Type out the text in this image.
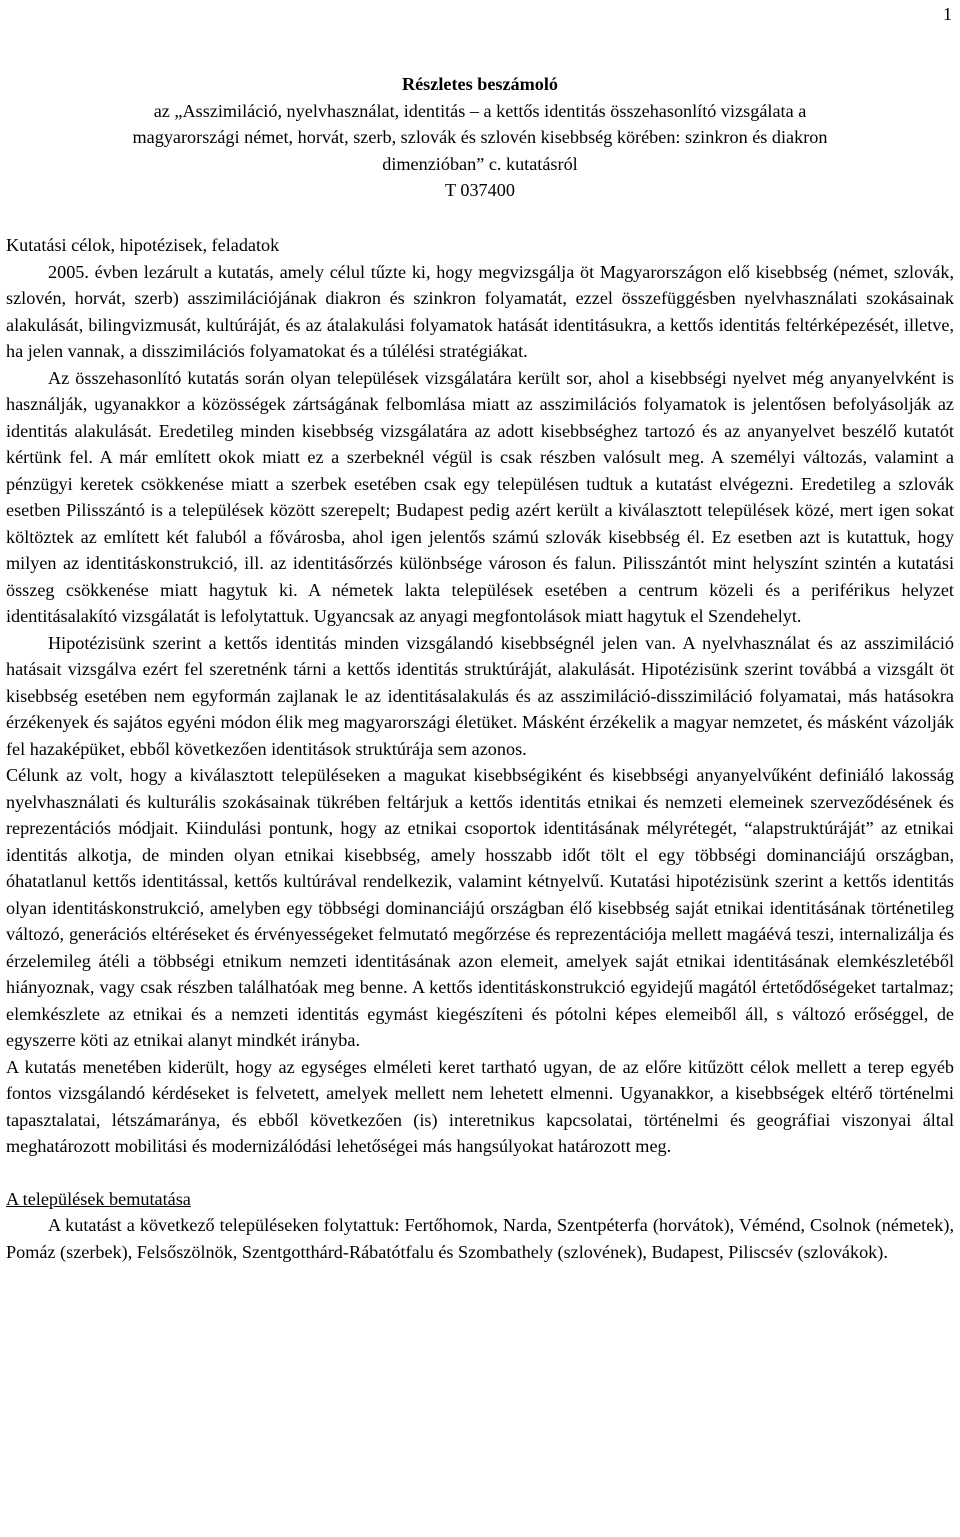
1
Részletes beszámoló
az „Asszimiláció, nyelvhasználat, identitás – a kettős identitás összehasonlító vizsgálata a
magyarországi német, horvát, szerb, szlovák és szlovén kisebbség körében: szinkron és diakron
dimenzióban” c. kutatásról
T 037400
Kutatási célok, hipotézisek, feladatok

2005. évben lezárult a kutatás, amely célul tűzte ki, hogy megvizsgálja öt Magyarországon elő kisebbség (német, szlovák, szlovén, horvát, szerb) asszimilációjának diakron és szinkron folyamatát, ezzel összefüggésben nyelvhasználati szokásainak alakulását, bilingvizmusát, kultúráját, és az átalakulási folyamatok hatását identitásukra, a kettős identitás feltérképezését, illetve, ha jelen vannak, a disszimilációs folyamatokat és a túlélési stratégiákat.

Az összehasonlító kutatás során olyan települések vizsgálatára került sor, ahol a kisebbségi nyelvet még anyanyelvként is használják, ugyanakkor a közösségek zártságának felbomlása miatt az asszimilációs folyamatok is jelentősen befolyásolják az identitás alakulását. Eredetileg minden kisebbség vizsgálatára az adott kisebbséghez tartozó és az anyanyelvet beszélő kutatót kértünk fel. A már említett okok miatt ez a szerbeknél végül is csak részben valósult meg. A személyi változás, valamint a pénzügyi keretek csökkenése miatt a szerbek esetében csak egy településen tudtuk a kutatást elvégezni. Eredetileg a szlovák esetben Pilisszántó is a települések között szerepelt; Budapest pedig azért került a kiválasztott települések közé, mert igen sokat költöztek az említett két faluból a fővárosba, ahol igen jelentős számú szlovák kisebbség él. Ez esetben azt is kutattuk, hogy milyen az identitáskonstrukció, ill. az identitásőrzés különbsége városon és falun. Pilisszántót mint helyszínt szintén a kutatási összeg csökkenése miatt hagytuk ki. A németek lakta települések esetében a centrum közeli és a periférikus helyzet identitásalakító vizsgálatát is lefolytattuk. Ugyancsak az anyagi megfontolások miatt hagytuk el Szendehelyt.

Hipotézisünk szerint a kettős identitás minden vizsgálandó kisebbségnél jelen van. A nyelvhasználat és az asszimiláció hatásait vizsgálva ezért fel szeretnénk tárni a kettős identitás struktúráját, alakulását. Hipotézisünk szerint továbbá a vizsgált öt kisebbség esetében nem egyformán zajlanak le az identitásalakulás és az asszimiláció-disszimiláció folyamatai, más hatásokra érzékenyek és sajátos egyéni módon élik meg magyarországi életüket. Másként érzékelik a magyar nemzetet, és másként vázolják fel hazaképüket, ebből következően identitások struktúrája sem azonos.

Célunk az volt, hogy a kiválasztott településeken a magukat kisebbségiként és kisebbségi anyanyelvűként definiáló lakosság nyelvhasználati és kulturális szokásainak tükrében feltárjuk a kettős identitás etnikai és nemzeti elemeinek szerveződésének és reprezentációs módjait. Kiindulási pontunk, hogy az etnikai csoportok identitásának mélyrétegét, “alapstruktúráját” az etnikai identitás alkotja, de minden olyan etnikai kisebbség, amely hosszabb időt tölt el egy többségi dominanciájú országban, óhatatlanul kettős identitással, kettős kultúrával rendelkezik, valamint kétnyelvű. Kutatási hipotézisünk szerint a kettős identitás olyan identitáskonstrukció, amelyben egy többségi dominanciájú országban élő kisebbség saját etnikai identitásának történetileg változó, generációs eltéréseket és érvényességeket felmutató megőrzése és reprezentációja mellett magáévá teszi, internalizálja és érzelemileg átéli a többségi etnikum nemzeti identitásának azon elemeit, amelyek saját etnikai identitásának elemkészletéből hiányoznak, vagy csak részben találhatóak meg benne. A kettős identitáskonstrukció egyidejű magától értetődőségeket tartalmaz; elemkészlete az etnikai és a nemzeti identitás egymást kiegészíteni és pótolni képes elemeiből áll, s változó erőséggel, de egyszerre köti az etnikai alanyt mindkét irányba.

A kutatás menetében kiderült, hogy az egységes elméleti keret tartható ugyan, de az előre kitűzött célok mellett a terep egyéb fontos vizsgálandó kérdéseket is felvetett, amelyek mellett nem lehetett elmenni. Ugyanakkor, a kisebbségek eltérő történelmi tapasztalatai, létszámaránya, és ebből következően (is) interetnikus kapcsolatai, történelmi és geográfiai viszonyai által meghatározott mobilitási és modernizálódási lehetőségei más hangsúlyokat határozott meg.

A települések bemutatása

A kutatást a következő településeken folytattuk: Fertőhomok, Narda, Szentpéterfa (horvátok), Véménd, Csolnok (németek), Pomáz (szerbek), Felsőszölnök, Szentgotthárd-Rábatótfalu és Szombathely (szlovének), Budapest, Piliscsév (szlovákok).
